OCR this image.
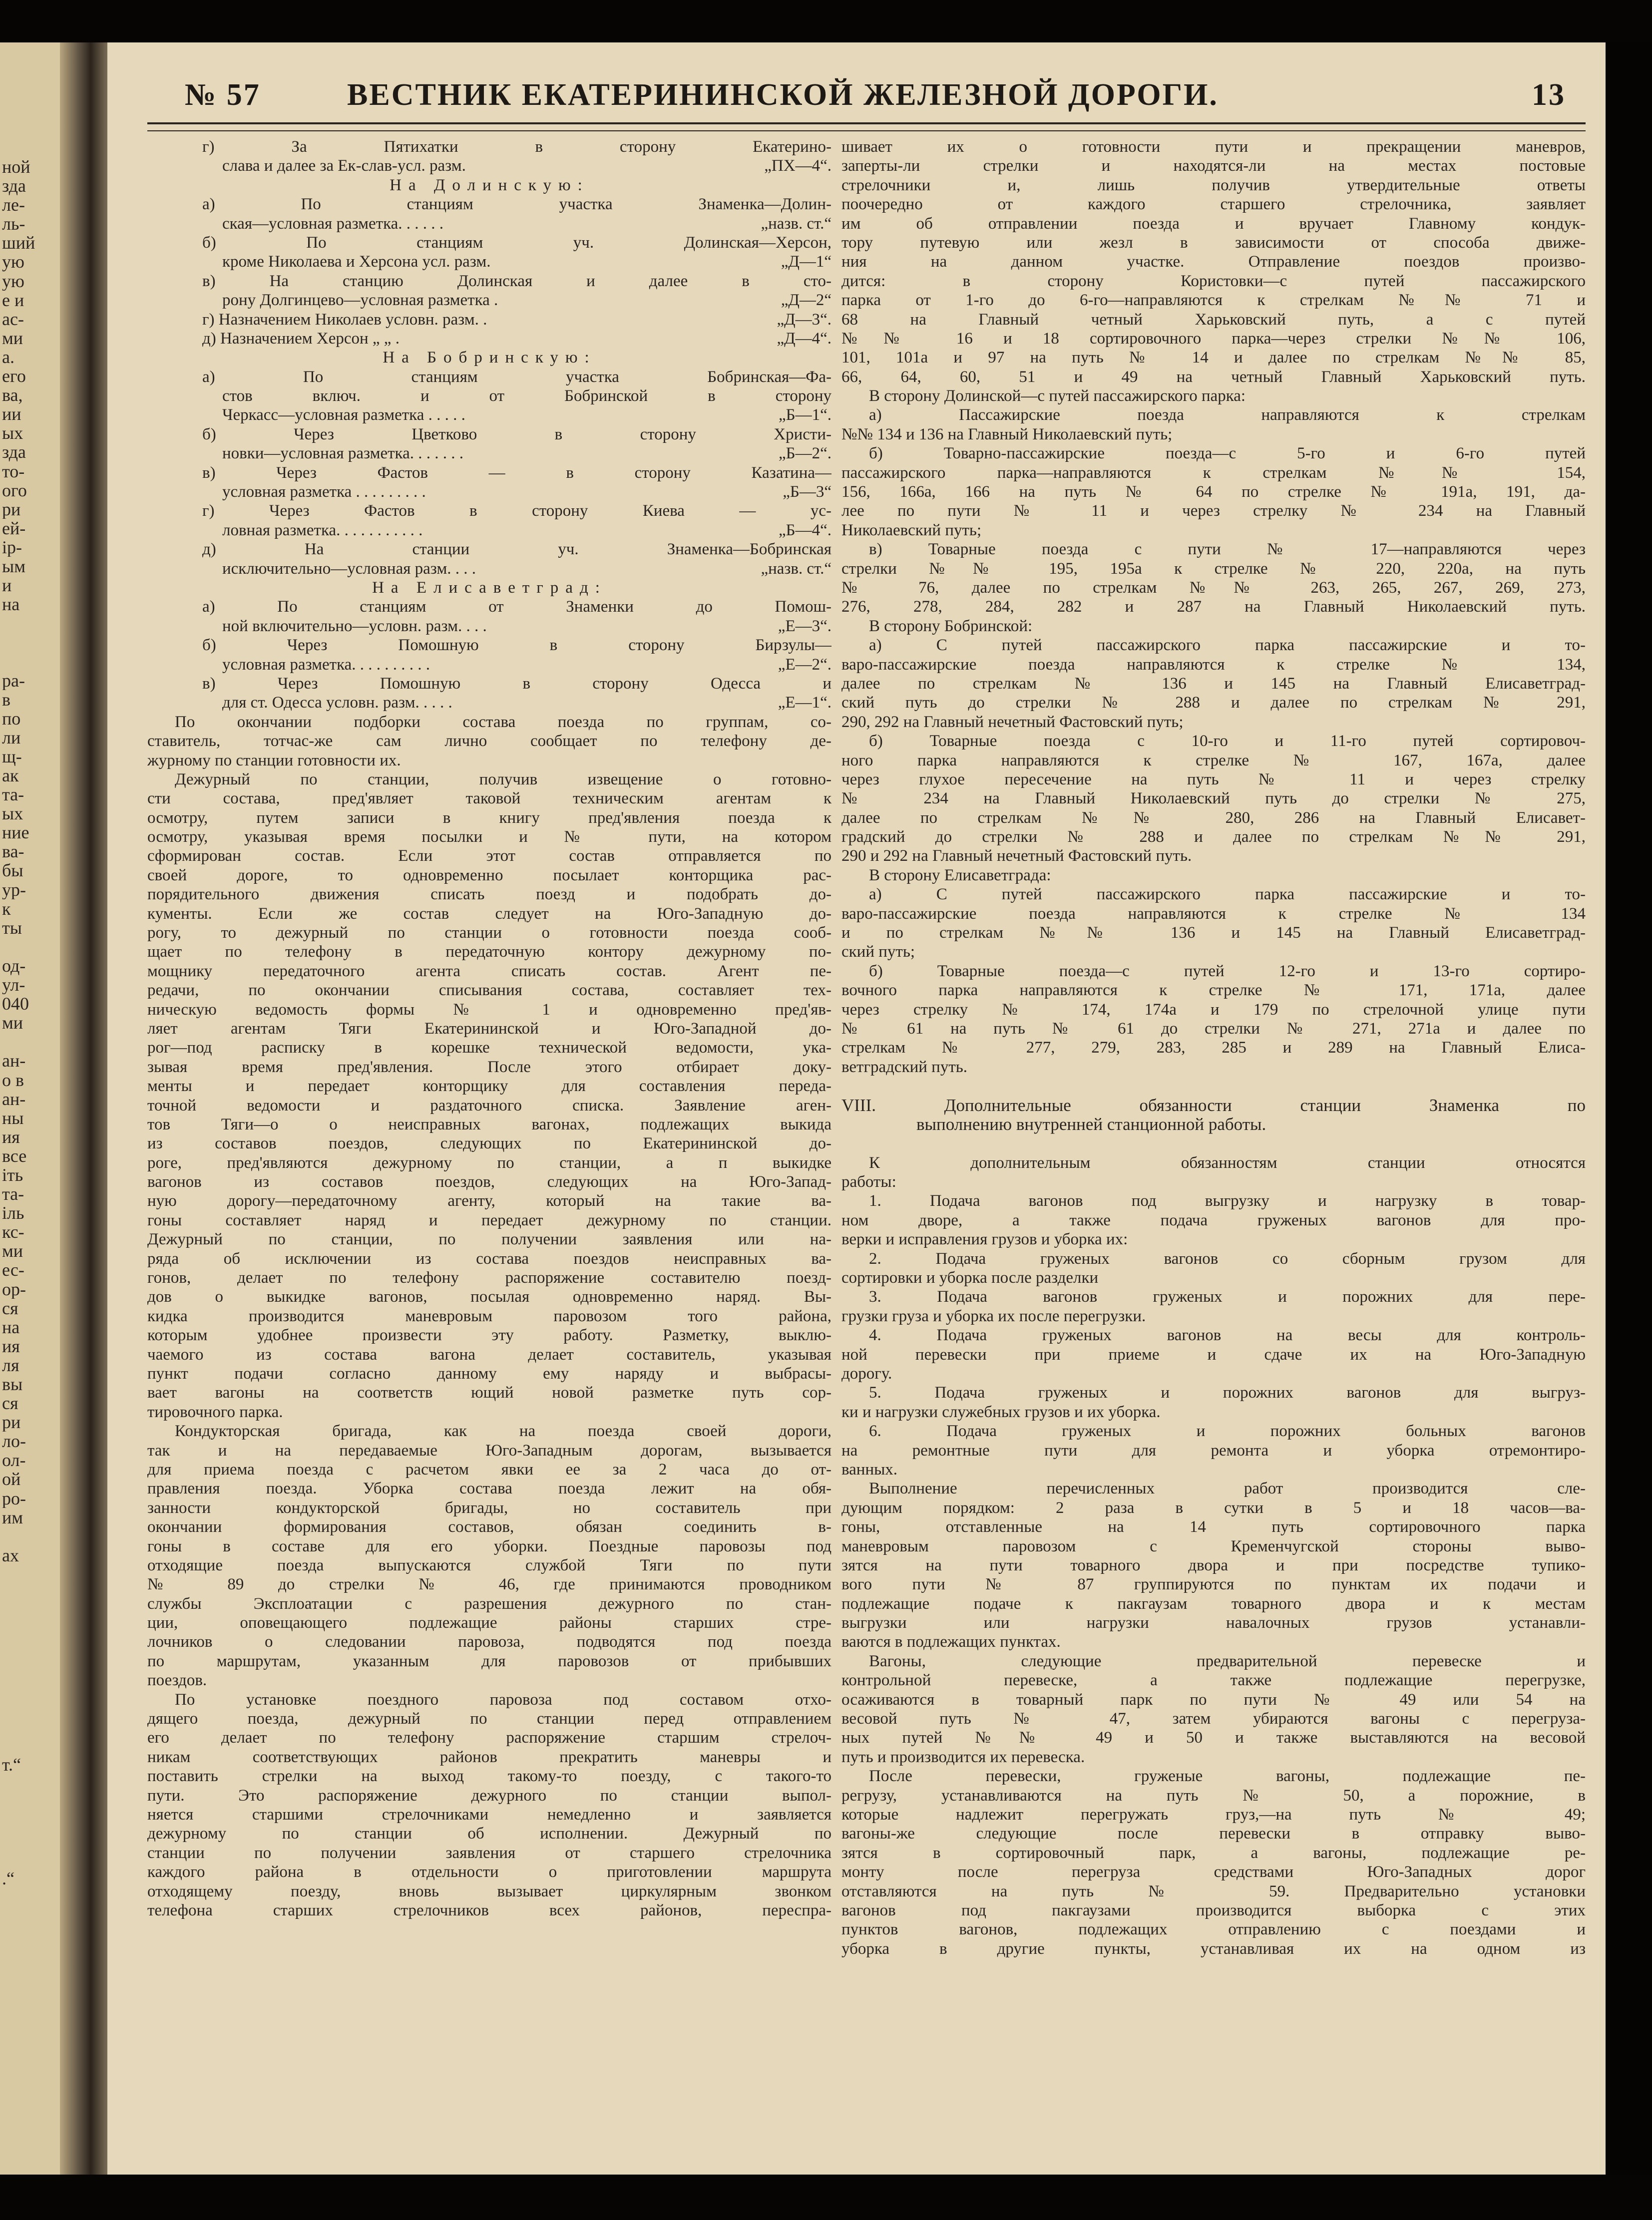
ной
зда
ле-
ль-
ший
ую
ую
е и
ас-
ми
а.
его
ва,
ии
ых
зда
то-
ого
ри
ей-
ір-
ым
и
на
ра-
в
по
ли
щ-
ак
та-
ых
ние
ва-
бы
ур-
к
ты
од-
ул-
040
ми
ан-
о в
ан-
ны
ия
все
іть
та-
іль
кс-
ми
ес-
ор-
ся
на
ия
ля
вы
ся
ри
ло-
ол-
ой
ро-
им
ах
т.“
.“
№ 57	ВЕСТНИК ЕКАТЕРИНИНСКОЙ ЖЕЛЕЗНОЙ ДОРОГИ.	13
г) За Пятихатки в сторону Екатерино-
слава и далее за Ек-слав-усл. разм.	„ПХ—4“.
На Долинскую:
а) По станциям участка Знаменка—Долин-
ская—условная разметка. . . . . .	„назв. ст.“
б) По станциям уч. Долинская—Херсон,
кроме Николаева и Херсона усл. разм.	„Д—1“
в) На станцию Долинская и далее в сто-
рону Долгинцево—условная разметка .	„Д—2“
г) Назначением Николаев условн. разм. .	„Д—3“.
д) Назначением Херсон „ „ .	„Д—4“.
На Бобринскую:
а) По станциям участка Бобринская—Фа-
стов включ. и от Бобринской в сторону
Черкасс—условная разметка . . . . .	„Б—1“.
б) Через Цветково в сторону Христи-
новки—условная разметка. . . . . . .	„Б—2“.
в) Через Фастов — в сторону Казатина—
условная разметка . . . . . . . . .	„Б—3“
г) Через Фастов в сторону Киева — ус-
ловная разметка. . . . . . . . . . .	„Б—4“.
д) На станции уч. Знаменка—Бобринская
исключительно—условная разм. . . .	„назв. ст.“
На Елисаветград:
а) По станциям от Знаменки до Помош-
ной включительно—условн. разм. . . .	„Е—3“.
б) Через Помошную в сторону Бирзулы—
условная разметка. . . . . . . . . .	„Е—2“.
в) Через Помошную в сторону Одесса и
для ст. Одесса условн. разм. . . . .	„Е—1“.
По окончании подборки состава поезда по группам, со-
ставитель, тотчас-же сам лично сообщает по телефону де-
журному по станции готовности их.
Дежурный по станции, получив извещение о готовно-
сти состава, пред'являет таковой техническим агентам к
осмотру, путем записи в книгу пред'явления поезда к
осмотру, указывая время посылки и № пути, на котором
сформирован состав. Если этот состав отправляется по
своей дороге, то одновременно посылает конторщика рас-
порядительного движения списать поезд и подобрать до-
кументы. Если же состав следует на Юго-Западную до-
рогу, то дежурный по станции о готовности поезда сооб-
щает по телефону в передаточную контору дежурному по-
мощнику передаточного агента списать состав. Агент пе-
редачи, по окончании списывания состава, составляет тех-
ническую ведомость формы № 1 и одновременно пред'яв-
ляет агентам Тяги Екатерининской и Юго-Западной до-
рог—под расписку в корешке технической ведомости, ука-
зывая время пред'явления. После этого отбирает доку-
менты и передает конторщику для составления переда-
точной ведомости и раздаточного списка. Заявление аген-
тов Тяги—о о неисправных вагонах, подлежащих выкида
из составов поездов, следующих по Екатерининской до-
роге, пред'являются дежурному по станции, а п выкидке
вагонов из составов поездов, следующих на Юго-Запад-
ную дорогу—передаточному агенту, который на такие ва-
гоны составляет наряд и передает дежурному по станции.
Дежурный по станции, по получении заявления или на-
ряда об исключении из состава поездов неисправных ва-
гонов, делает по телефону распоряжение составителю поезд-
дов о выкидке вагонов, посылая одновременно наряд. Вы-
кидка производится маневровым паровозом того района,
которым удобнее произвести эту работу. Разметку, выклю-
чаемого из состава вагона делает составитель, указывая
пункт подачи согласно данному ему наряду и выбрасы-
вает вагоны на соответств ющий новой разметке путь сор-
тировочного парка.
Кондукторская бригада, как на поезда своей дороги,
так и на передаваемые Юго-Западным дорогам, вызывается
для приема поезда с расчетом явки ее за 2 часа до от-
правления поезда. Уборка состава поезда лежит на обя-
занности кондукторской бригады, но составитель при
окончании формирования составов, обязан соединить в-
гоны в составе для его уборки. Поездные паровозы под
отходящие поезда выпускаются службой Тяги по пути
№ 89 до стрелки № 46, где принимаются проводником
службы Эксплоатации с разрешения дежурного по стан-
ции, оповещающего подлежащие районы старших стре-
лочников о следовании паровоза, подводятся под поезда
по маршрутам, указанным для паровозов от прибывших
поездов.
По установке поездного паровоза под составом отхо-
дящего поезда, дежурный по станции перед отправлением
его делает по телефону распоряжение старшим стрелоч-
никам соответствующих районов прекратить маневры и
поставить стрелки на выход такому-то поезду, с такого-то
пути. Это распоряжение дежурного по станции выпол-
няется старшими стрелочниками немедленно и заявляется
дежурному по станции об исполнении. Дежурный по
станции по получении заявления от старшего стрелочника
каждого района в отдельности о приготовлении маршрута
отходящему поезду, вновь вызывает циркулярным звонком
телефона старших стрелочников всех районов, переспра-
шивает их о готовности пути и прекращении маневров,
заперты-ли стрелки и находятся-ли на местах постовые
стрелочники и, лишь получив утвердительные ответы
поочередно от каждого старшего стрелочника, заявляет
им об отправлении поезда и вручает Главному кондук-
тору путевую или жезл в зависимости от способа движе-
ния на данном участке. Отправление поездов произво-
дится: в сторону Користовки—с путей пассажирского
парка от 1-го до 6-го—направляются к стрелкам №№ 71 и
68 на Главный четный Харьковский путь, а с путей
№№ 16 и 18 сортировочного парка—через стрелки №№ 106,
101, 101а и 97 на путь № 14 и далее по стрелкам №№ 85,
66, 64, 60, 51 и 49 на четный Главный Харьковский путь.
В сторону Долинской—с путей пассажирского парка:
а) Пассажирские поезда направляются к стрелкам
№№ 134 и 136 на Главный Николаевский путь;
б) Товарно-пассажирские поезда—с 5-го и 6-го путей
пассажирского парка—направляются к стрелкам №№ 154,
156, 166а, 166 на путь № 64 по стрелке № 191а, 191, да-
лее по пути № 11 и через стрелку № 234 на Главный
Николаевский путь;
в) Товарные поезда с пути № 17—направляются через
стрелки №№ 195, 195а к стрелке № 220, 220а, на путь
№ 76, далее по стрелкам №№ 263, 265, 267, 269, 273,
276, 278, 284, 282 и 287 на Главный Николаевский путь.
В сторону Бобринской:
а) С путей пассажирского парка пассажирские и то-
варо-пассажирские поезда направляются к стрелке № 134,
далее по стрелкам № 136 и 145 на Главный Елисаветград-
ский путь до стрелки № 288 и далее по стрелкам № 291,
290, 292 на Главный нечетный Фастовский путь;
б) Товарные поезда с 10-го и 11-го путей сортировоч-
ного парка направляются к стрелке № 167, 167а, далее
через глухое пересечение на путь № 11 и через стрелку
№ 234 на Главный Николаевский путь до стрелки № 275,
далее по стрелкам №№ 280, 286 на Главный Елисавет-
градский до стрелки № 288 и далее по стрелкам №№ 291,
290 и 292 на Главный нечетный Фастовский путь.
В сторону Елисаветграда:
а) С путей пассажирского парка пассажирские и то-
варо-пассажирские поезда направляются к стрелке № 134
и по стрелкам №№ 136 и 145 на Главный Елисаветград-
ский путь;
б) Товарные поезда—с путей 12-го и 13-го сортиро-
вочного парка направляются к стрелке № 171, 171а, далее
через стрелку № 174, 174а и 179 по стрелочной улице пути
№ 61 на путь № 61 до стрелки № 271, 271а и далее по
стрелкам № 277, 279, 283, 285 и 289 на Главный Елиса-
ветградский путь.
VIII. Дополнительные обязанности станции Знаменка по
выполнению внутренней станционной работы.
К дополнительным обязанностям станции относятся
работы:
1. Подача вагонов под выгрузку и нагрузку в товар-
ном дворе, а также подача груженых вагонов для про-
верки и исправления грузов и уборка их:
2. Подача груженых вагонов со сборным грузом для
сортировки и уборка после разделки
3. Подача вагонов груженых и порожних для пере-
грузки груза и уборка их после перегрузки.
4. Подача груженых вагонов на весы для контроль-
ной перевески при приеме и сдаче их на Юго-Западную
дорогу.
5. Подача груженых и порожних вагонов для выгруз-
ки и нагрузки служебных грузов и их уборка.
6. Подача груженых и порожних больных вагонов
на ремонтные пути для ремонта и уборка отремонтиро-
ванных.
Выполнение перечисленных работ производится сле-
дующим порядком: 2 раза в сутки в 5 и 18 часов—ва-
гоны, отставленные на 14 путь сортировочного парка
маневровым паровозом с Кременчугской стороны выво-
зятся на пути товарного двора и при посредстве тупико-
вого пути № 87 группируются по пунктам их подачи и
подлежащие подаче к пакгаузам товарного двора и к местам
выгрузки или нагрузки навалочных грузов устанавли-
ваются в подлежащих пунктах.
Вагоны, следующие предварительной перевеске и
контрольной перевеске, а также подлежащие перегрузке,
осаживаются в товарный парк по пути № 49 или 54 на
весовой путь № 47, затем убираются вагоны с перегруза-
ных путей №№ 49 и 50 и также выставляются на весовой
путь и производится их перевеска.
После перевески, груженые вагоны, подлежащие пе-
регрузу, устанавливаются на путь № 50, а порожние, в
которые надлежит перегружать груз,—на путь № 49;
вагоны-же следующие после перевески в отправку выво-
зятся в сортировочный парк, а вагоны, подлежащие ре-
монту после перегруза средствами Юго-Западных дорог
отставляются на путь № 59. Предварительно установки
вагонов под пакгаузами производится выборка с этих
пунктов вагонов, подлежащих отправлению с поездами и
уборка в другие пункты, устанавливая их на одном из
